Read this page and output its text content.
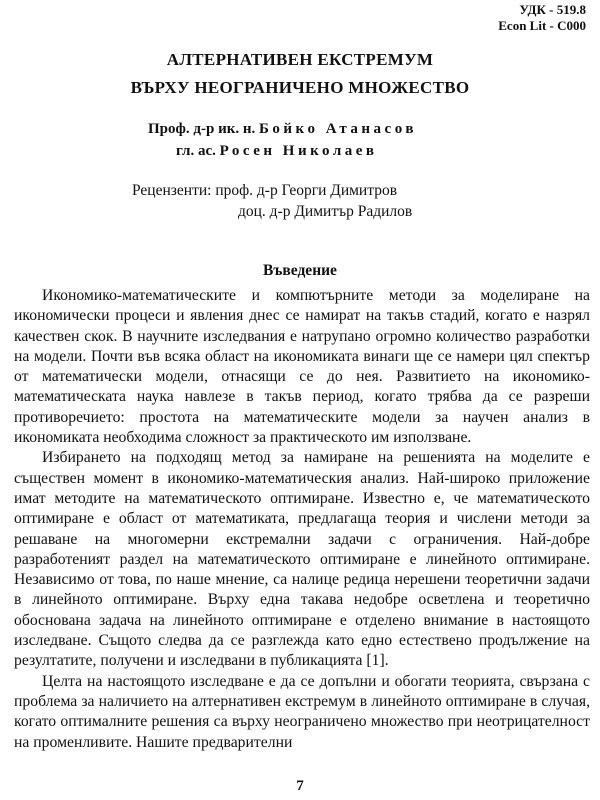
УДК - 519.8
Econ Lit - C000
АЛТЕРНАТИВЕН ЕКСТРЕМУМ
ВЪРХУ НЕОГРАНИЧЕНО МНОЖЕСТВО
Проф. д-р ик. н. Бойко Атанасов
гл. ас. Росен Николаев
Рецензенти: проф. д-р Георги Димитров
доц. д-р Димитър Радилов
Въведение

Икономико-математическите и компютърните методи за моделиране на икономически процеси и явления днес се намират на такъв стадий, когато е назрял качествен скок. В научните изследвания е натрупано огромно количество разработки на модели. Почти във всяка област на икономиката винаги ще се намери цял спектър от математически модели, отнасящи се до нея. Развитието на икономико-математическата наука навлезе в такъв период, когато трябва да се разреши противоречието: простота на математическите модели за научен анализ в икономиката необходима сложност за практическото им използване.

Избирането на подходящ метод за намиране на решенията на моделите е съществен момент в икономико-математическия анализ. Най-широко приложение имат методите на математическото оптимиране. Известно е, че математическото оптимиране е област от математиката, предлагаща теория и числени методи за решаване на многомерни екстремални задачи с ограничения. Най-добре разработеният раздел на математическото оптимиране е линейното оптимиране. Независимо от това, по наше мнение, са налице редица нерешени теоретични задачи в линейното оптимиране. Върху една такава недобре осветлена и теоретично обоснована задача на линейното оптимиране е отделено внимание в настоящото изследване. Същото следва да се разглежда като едно естествено продължение на резултатите, получени и изследвани в публикацията [1].

Целта на настоящото изследване е да се допълни и обогати теорията, свързана с проблема за наличието на алтернативен екстремум в линейното оптимиране в случая, когато оптималните решения са върху неограничено множество при неотрицателност на променливите. Нашите предварителни

7
